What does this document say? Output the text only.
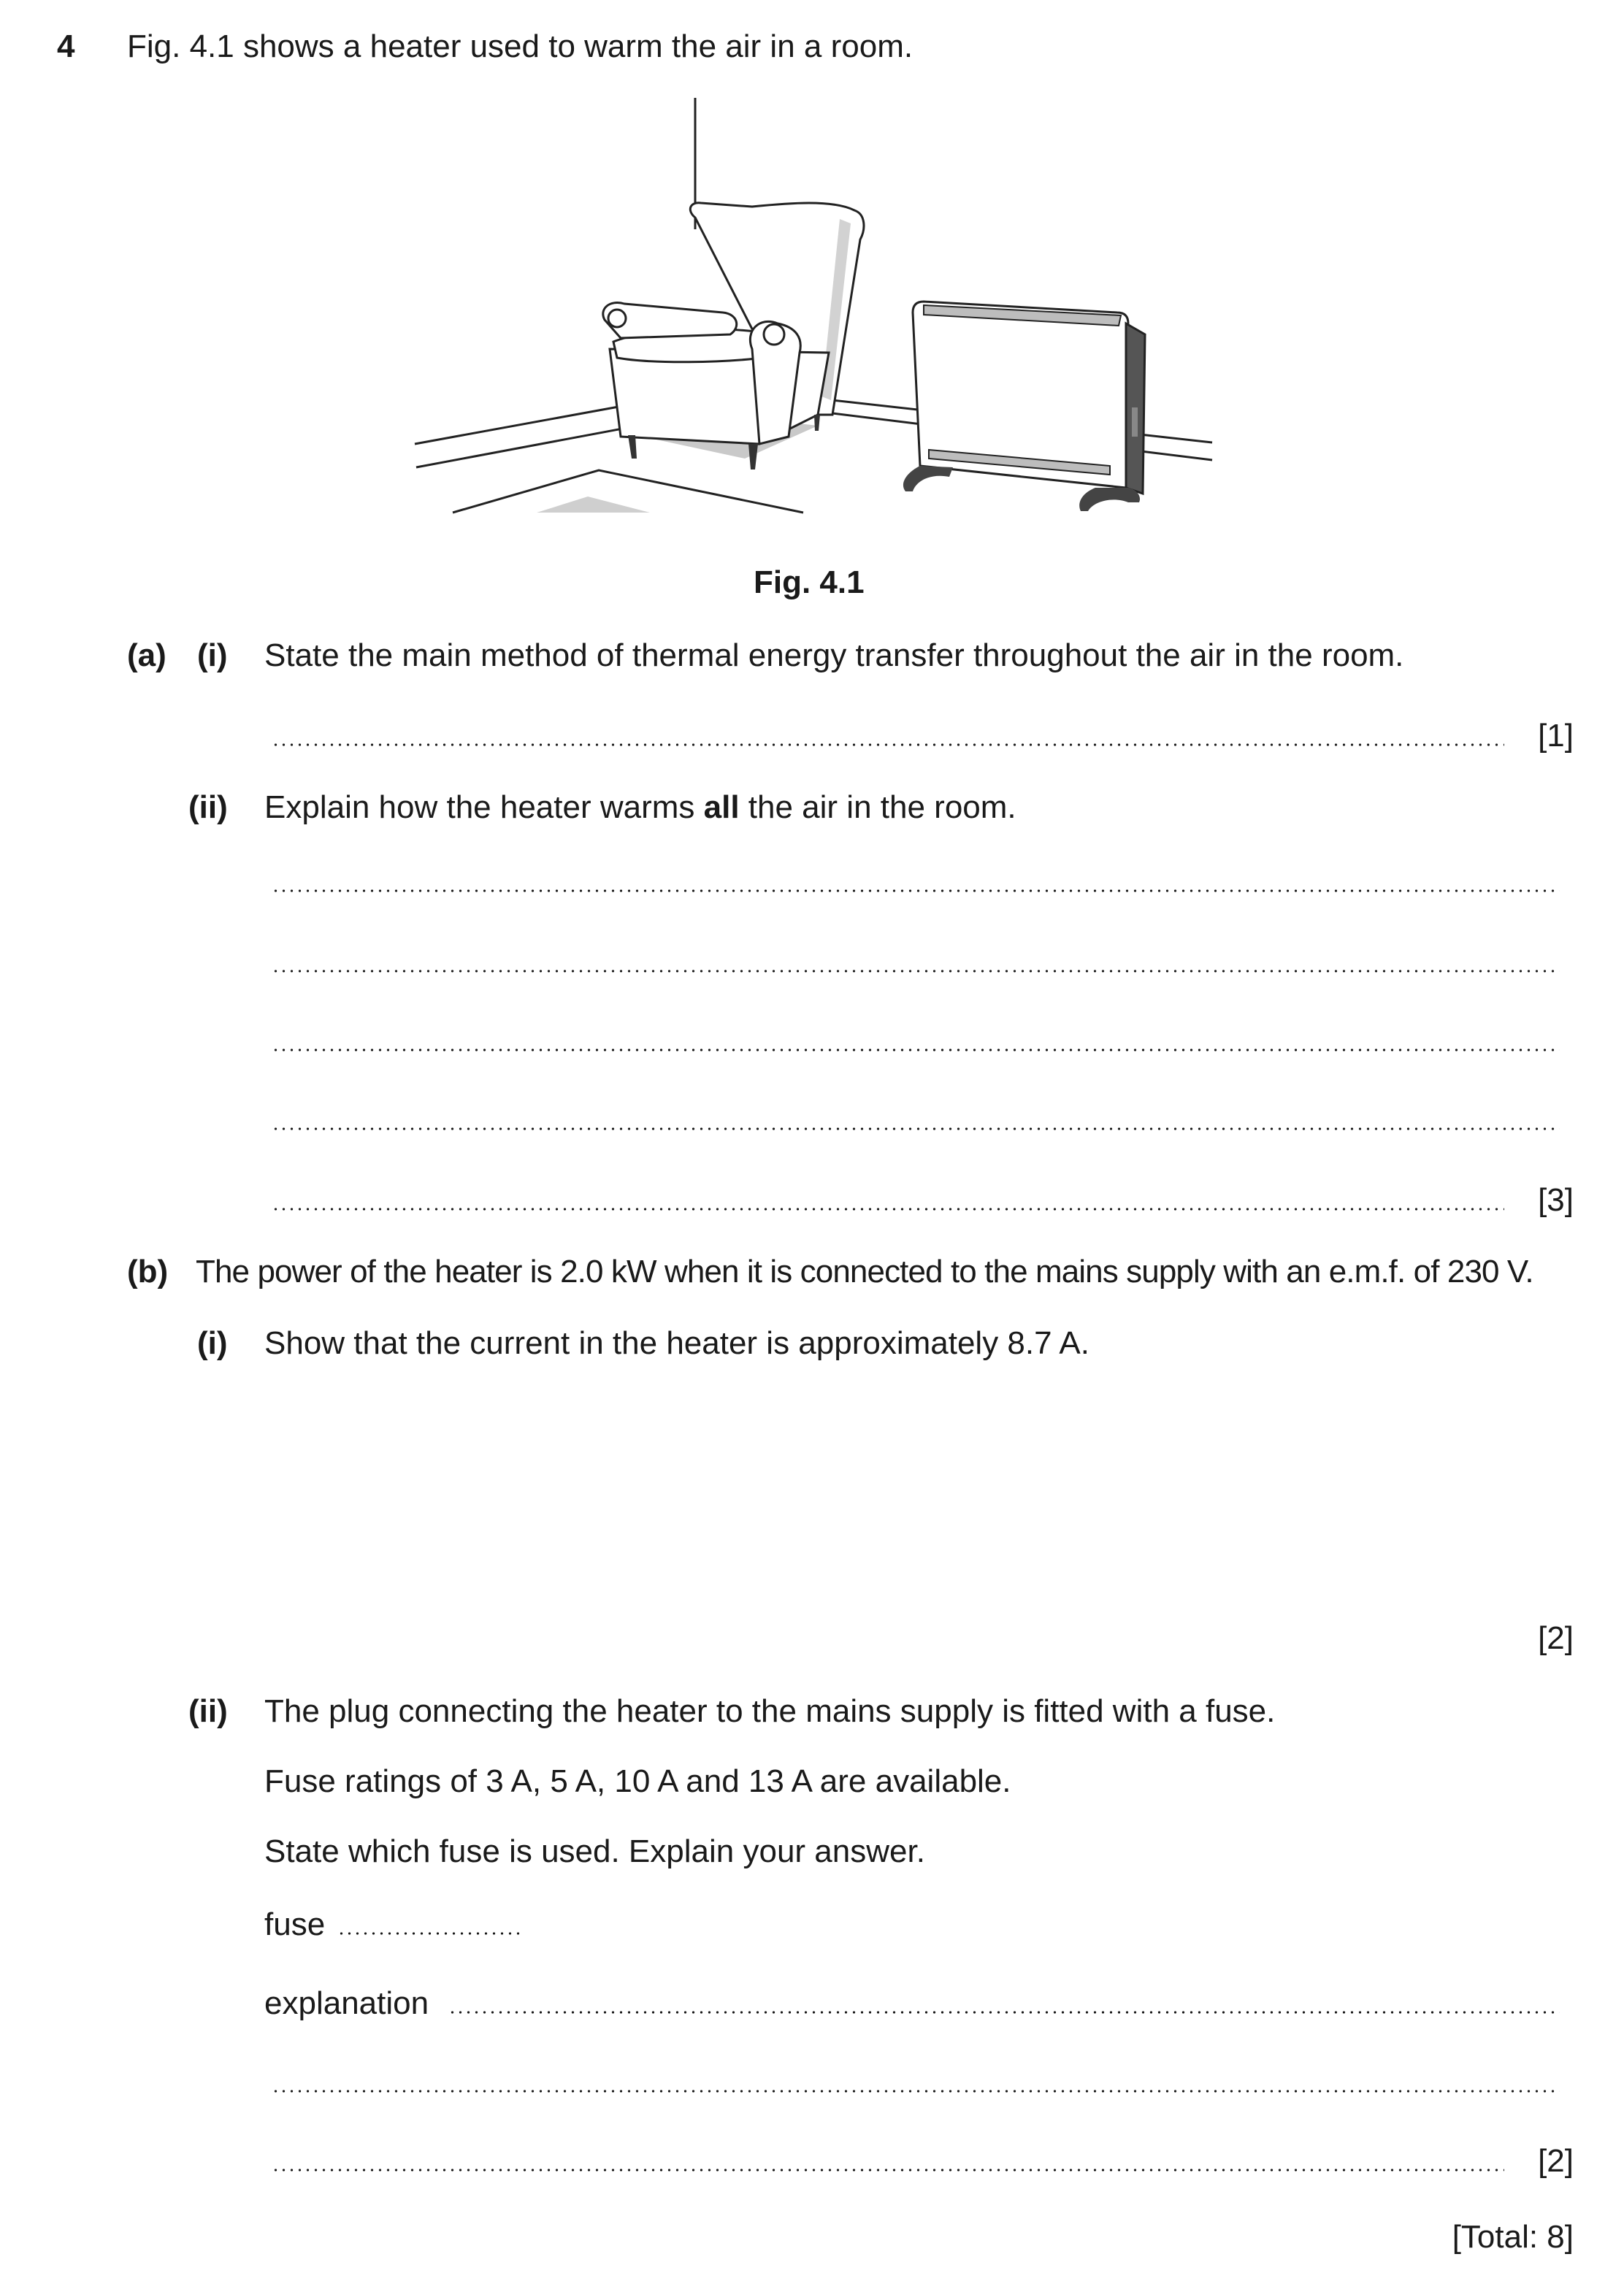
4 Fig. 4.1 shows a heater used to warm the air in a room.
Fig. 4.1
(a) (i) State the main method of thermal energy transfer throughout the air in the room.
[1]
(ii) Explain how the heater warms all the air in the room.
[3]
(b) The power of the heater is 2.0 kW when it is connected to the mains supply with an e.m.f. of 230 V.
(i) Show that the current in the heater is approximately 8.7 A.
[2]
(ii) The plug connecting the heater to the mains supply is fitted with a fuse.
Fuse ratings of 3 A, 5 A, 10 A and 13 A are available.
State which fuse is used. Explain your answer.
fuse
explanation
[2]
[Total: 8]
